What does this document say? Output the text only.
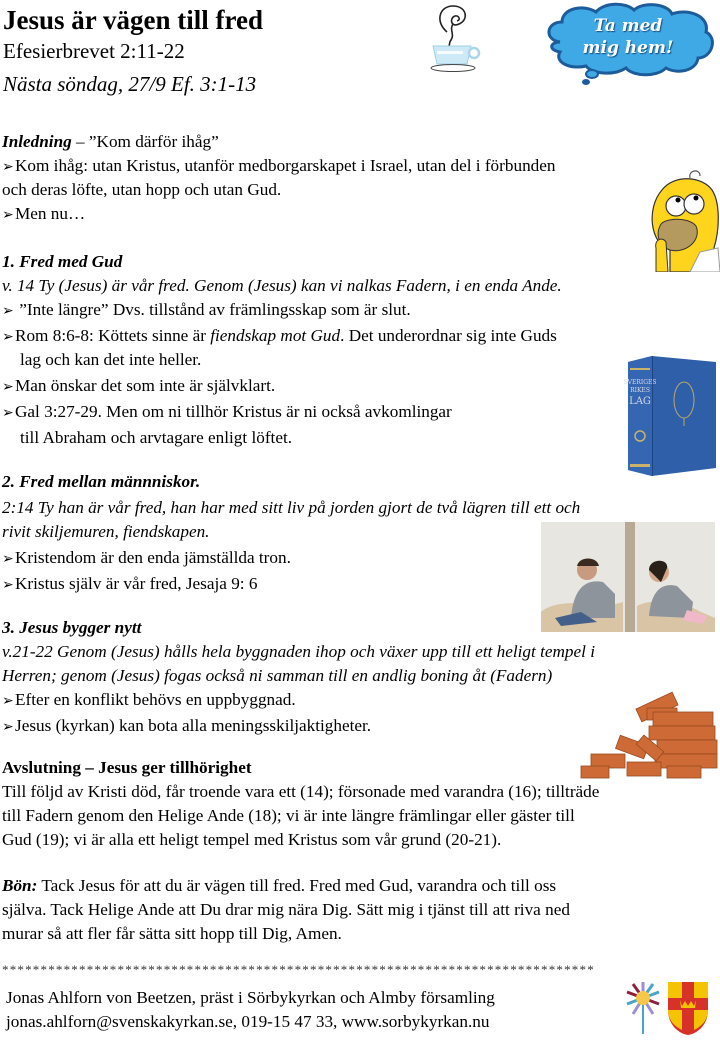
Jesus är vägen till fred
Efesierbrevet 2:11-22
Nästa söndag, 27/9 Ef. 3:1-13
Ta med
mig hem!
Inledning – ”Kom därför ihåg”
➢Kom ihåg: utan Kristus, utanför medborgarskapet i Israel, utan del i förbunden
och deras löfte, utan hopp och utan Gud.
➢Men nu…
1. Fred med Gud
v. 14 Ty (Jesus) är vår fred. Genom (Jesus) kan vi nalkas Fadern, i en enda Ande.
➢ ”Inte längre” Dvs. tillstånd av främlingsskap som är slut.
➢Rom 8:6-8: Köttets sinne är fiendskap mot Gud. Det underordnar sig inte Guds
lag och kan det inte heller.
➢Man önskar det som inte är självklart.
➢Gal 3:27-29. Men om ni tillhör Kristus är ni också avkomlingar
till Abraham och arvtagare enligt löftet.
SVERIGES
RIKES
LAG
2. Fred mellan männniskor.
2:14 Ty han är vår fred, han har med sitt liv på jorden gjort de två lägren till ett och
rivit skiljemuren, fiendskapen.
➢Kristendom är den enda jämställda tron.
➢Kristus själv är vår fred, Jesaja 9: 6
3. Jesus bygger nytt
v.21-22 Genom (Jesus) hålls hela byggnaden ihop och växer upp till ett heligt tempel i
Herren; genom (Jesus) fogas också ni samman till en andlig boning åt (Fadern)
➢Efter en konflikt behövs en uppbyggnad.
➢Jesus (kyrkan) kan bota alla meningsskiljaktigheter.
Avslutning – Jesus ger tillhörighet
Till följd av Kristi död, får troende vara ett (14); försonade med varandra (16); tillträde
till Fadern genom den Helige Ande (18); vi är inte längre främlingar eller gäster till
Gud (19); vi är alla ett heligt tempel med Kristus som vår grund (20-21).
Bön: Tack Jesus för att du är vägen till fred. Fred med Gud, varandra och till oss
själva. Tack Helige Ande att Du drar mig nära Dig. Sätt mig i tjänst till att riva ned
murar så att fler får sätta sitt hopp till Dig, Amen.
*****************************************************************************
Jonas Ahlforn von Beetzen, präst i Sörbykyrkan och Almby församling
jonas.ahlforn@svenskakyrkan.se, 019-15 47 33, www.sorbykyrkan.nu
